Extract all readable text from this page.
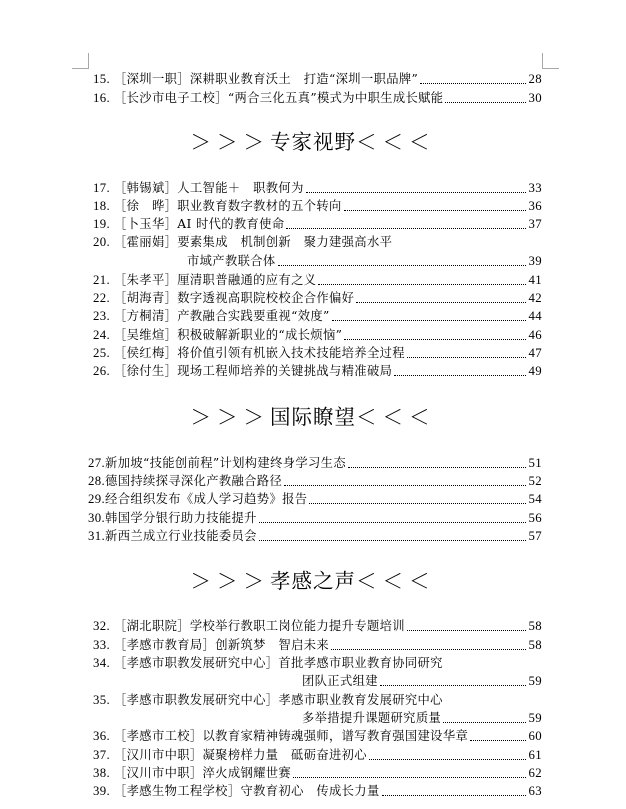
15. ［深圳一职］ 深耕职业教育沃土　打造“深圳一职品牌”	28
16. ［长沙市电子工校］ “两合三化五真”模式为中职生成长赋能	30
＞＞＞专家视野＜＜＜
17. ［韩锡斌］ 人工智能＋　职教何为	33
18. ［徐　晔］ 职业教育数字教材的五个转向	36
19. ［卜玉华］ AI 时代的教育使命	37
20. ［霍丽娟］ 要素集成　机制创新　聚力建强高水平
市域产教联合体	39
21. ［朱孝平］ 厘清职普融通的应有之义	41
22. ［胡海青］ 数字透视高职院校校企合作偏好	42
23. ［方桐清］ 产教融合实践要重视“效度”	44
24. ［吴维煊］ 积极破解新职业的“成长烦恼”	46
25. ［侯红梅］ 将价值引领有机嵌入技术技能培养全过程	47
26. ［徐付生］ 现场工程师培养的关键挑战与精准破局	49
＞＞＞国际瞭望＜＜＜
27. 新加坡“技能创前程”计划构建终身学习生态	51
28. 德国持续探寻深化产教融合路径	52
29. 经合组织发布《成人学习趋势》报告	54
30. 韩国学分银行助力技能提升	56
31. 新西兰成立行业技能委员会	57
＞＞＞孝感之声＜＜＜
32. ［湖北职院］ 学校举行教职工岗位能力提升专题培训	58
33. ［孝感市教育局］ 创新筑梦　智启未来	58
34. ［孝感市职教发展研究中心］ 首批孝感市职业教育协同研究
团队正式组建	59
35. ［孝感市职教发展研究中心］ 孝感市职业教育发展研究中心
多举措提升课题研究质量	59
36. ［孝感市工校］ 以教育家精神铸魂强师，谱写教育强国建设华章	60
37. ［汉川市中职］ 凝聚榜样力量　砥砺奋进初心	61
38. ［汉川市中职］ 淬火成钢耀世赛	62
39. ［孝感生物工程学校］ 守教育初心　传成长力量	63
